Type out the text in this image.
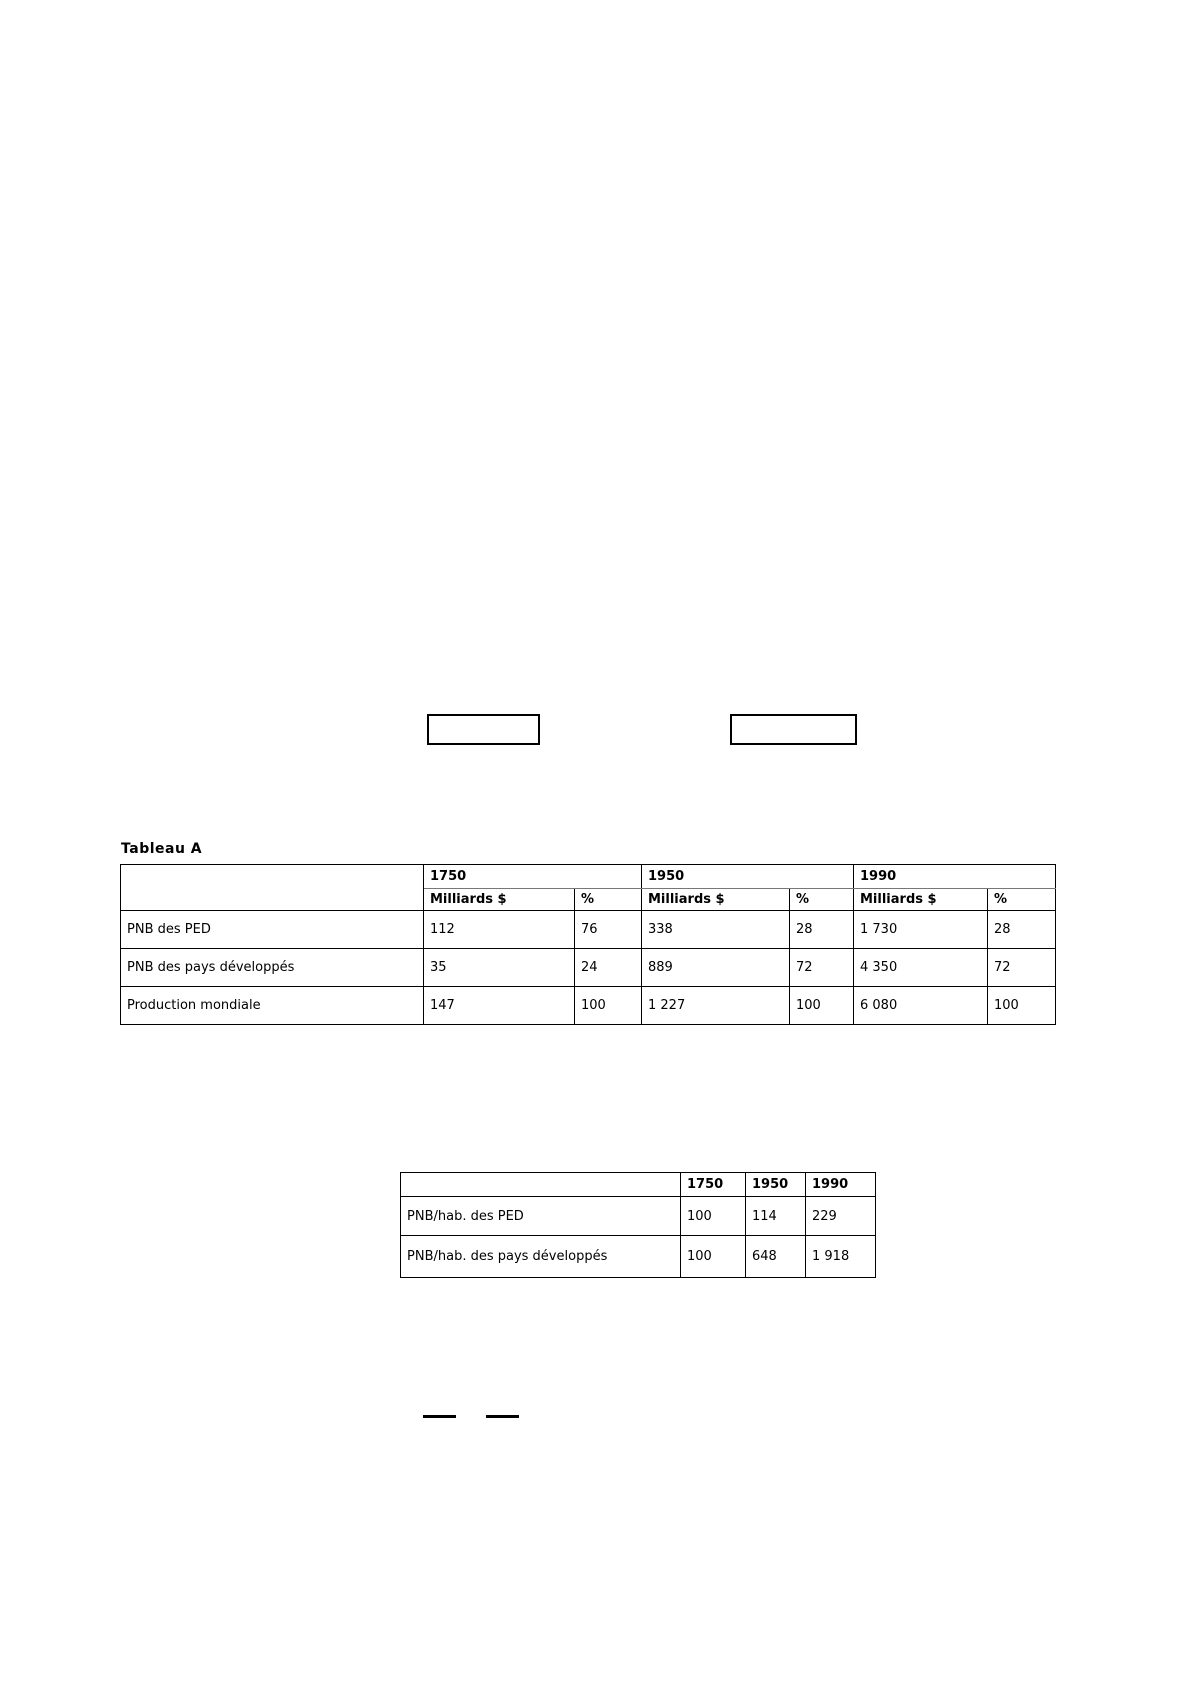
Tableau A
	1750		1950		1990	
	Milliards $	%	Milliards $	%	Milliards $	%
PNB des PED	112	76	338	28	1 730	28
PNB des pays développés	35	24	889	72	4 350	72
Production mondiale	147	100	1 227	100	6 080	100
	1750	1950	1990
PNB/hab. des PED	100	114	229
PNB/hab. des pays développés	100	648	1 918
